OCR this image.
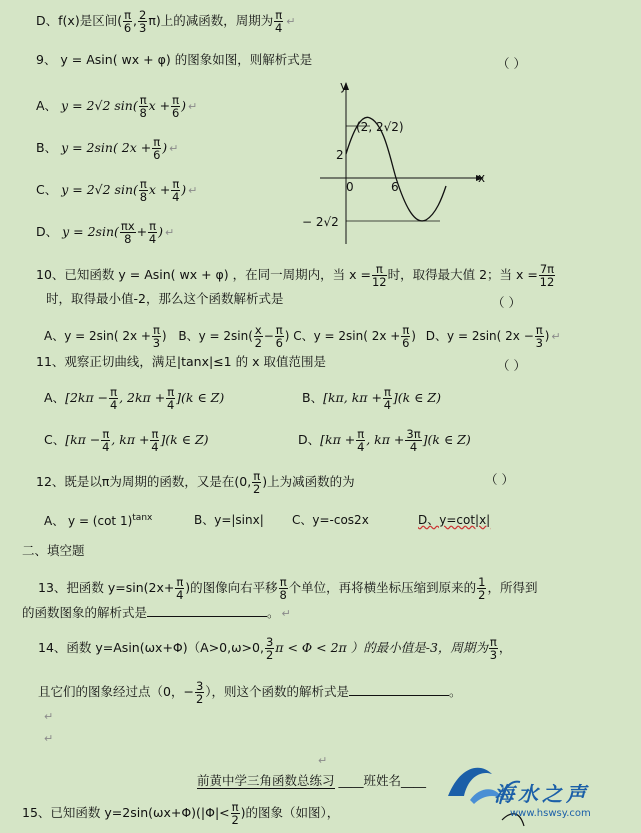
D、f(x)是区间( $\frac{\pi}{6}$ , $\frac{2}{3} \pi$)上的减函数，周期为 $\frac{\pi}{4}$ ↵
9、 y = Asin( wx + φ) 的图象如图，则解析式是	（ ）
A、 y = 2√2 $\sin( \frac{\pi}{8}$ $x + \frac{\pi}{6}$ ) ↵
B、 y = 2sin( $2x + \frac{\pi}{6}$ ) ↵
C、 y = 2√2 $\sin( \frac{\pi}{8}$ $x + \frac{\pi}{4}$ ) ↵
D、 $y = 2\sin( \frac{\pi x}{8} + \frac{\pi}{4}$ ) ↵
y
x
0	6
2
(2, 2√2)
− 2√2
10、已知函数 y = Asin( wx + φ) ，在同一周期内，当 $x = \frac{\pi}{12}$ 时，取得最大值 2；当 $x = \frac{7\pi}{12}$
时，取得最小值-2，那么这个函数解析式是	（ ）
A、y = 2sin( $2x + \frac{\pi}{3}$ ) B、$y = 2\sin( \frac{x}{2} - \frac{\pi}{6}$ ) C、y = 2sin( $2x + \frac{\pi}{6}$ ) D、y = 2sin( $2x - \frac{\pi}{3}$ ) ↵
11、观察正切曲线，满足|tanx|≤1 的 x 取值范围是	（ ）
A、[$2k\pi - \frac{\pi}{4}$ , $2k\pi + \frac{\pi}{4} ](k$ ∈ Z)	B、[kπ, $k\pi + \frac{\pi}{4} ](k$ ∈ Z)
C、[$k\pi - \frac{\pi}{4}$ , $k\pi + \frac{\pi}{4} ](k$ ∈ Z)	D、[$k\pi + \frac{\pi}{4}$ , $k\pi + \frac{3\pi}{4} ](k$ ∈ Z)
12、既是以π为周期的函数，又是在(0, $\frac{\pi}{2}$ )上为减函数的为	（ ）
A、 y = (cot 1)$^{tanx}$	B、y=|sinx| C、y=-cos2x	D、y=cot|x|
二、填空题
13、把函数 $y=\sin(2x+ \frac{\pi}{4}$ )的图像向右平移 $\frac{\pi}{8}$ 个单位，再将横坐标压缩到原来的 $\frac{1}{2}$ ，所得到
的函数图象的解析式是	。 ↵
14、函数 y=Asin(ωx+Φ)（A>0,ω>0, $\frac{3}{2}$ π < Φ < 2π ）的最小值是-3，周期为 $\frac{\pi}{3}$ ，
且它们的图象经过点（0，− $\frac{3}{2}$ ），则这个函数的解析式是	。
↵
↵
↵
前黄中学三角函数总练习 ____班姓名____
15、已知函数 $y=2\sin(\omega x+\Phi)(|\Phi|< \frac{\pi}{2}$ )的图象（如图），
海水之声
www.hswsy.com
